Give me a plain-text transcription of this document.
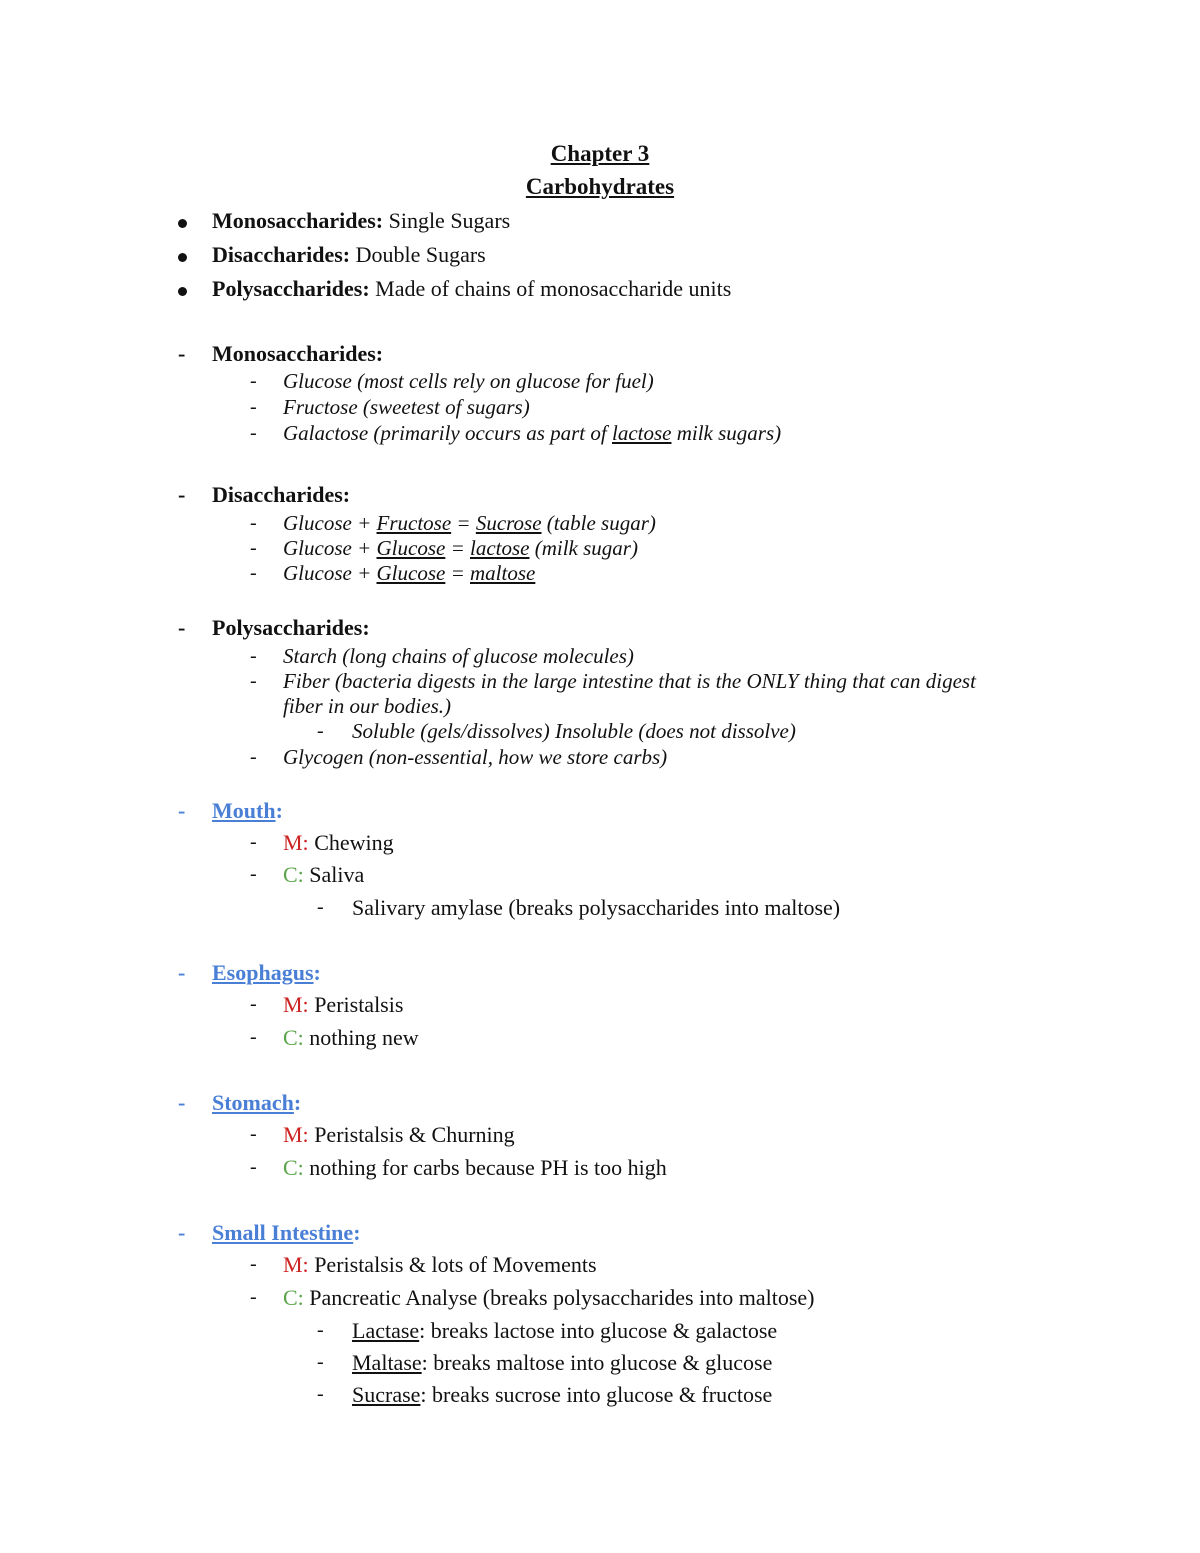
Chapter 3
Carbohydrates
Monosaccharides: Single Sugars
Disaccharides: Double Sugars
Polysaccharides: Made of chains of monosaccharide units
- Monosaccharides:
- Glucose (most cells rely on glucose for fuel)
- Fructose (sweetest of sugars)
- Galactose (primarily occurs as part of lactose milk sugars)
- Disaccharides:
- Glucose + Fructose = Sucrose (table sugar)
- Glucose + Glucose = lactose (milk sugar)
- Glucose + Glucose = maltose
- Polysaccharides:
- Starch (long chains of glucose molecules)
- Fiber (bacteria digests in the large intestine that is the ONLY thing that can digest
fiber in our bodies.)
- Soluble (gels/dissolves) Insoluble (does not dissolve)
- Glycogen (non-essential, how we store carbs)
- Mouth:
- M: Chewing
- C: Saliva
- Salivary amylase (breaks polysaccharides into maltose)
- Esophagus:
- M: Peristalsis
- C: nothing new
- Stomach:
- M: Peristalsis & Churning
- C: nothing for carbs because PH is too high
- Small Intestine:
- M: Peristalsis & lots of Movements
- C: Pancreatic Analyse (breaks polysaccharides into maltose)
- Lactase: breaks lactose into glucose & galactose
- Maltase: breaks maltose into glucose & glucose
- Sucrase: breaks sucrose into glucose & fructose
